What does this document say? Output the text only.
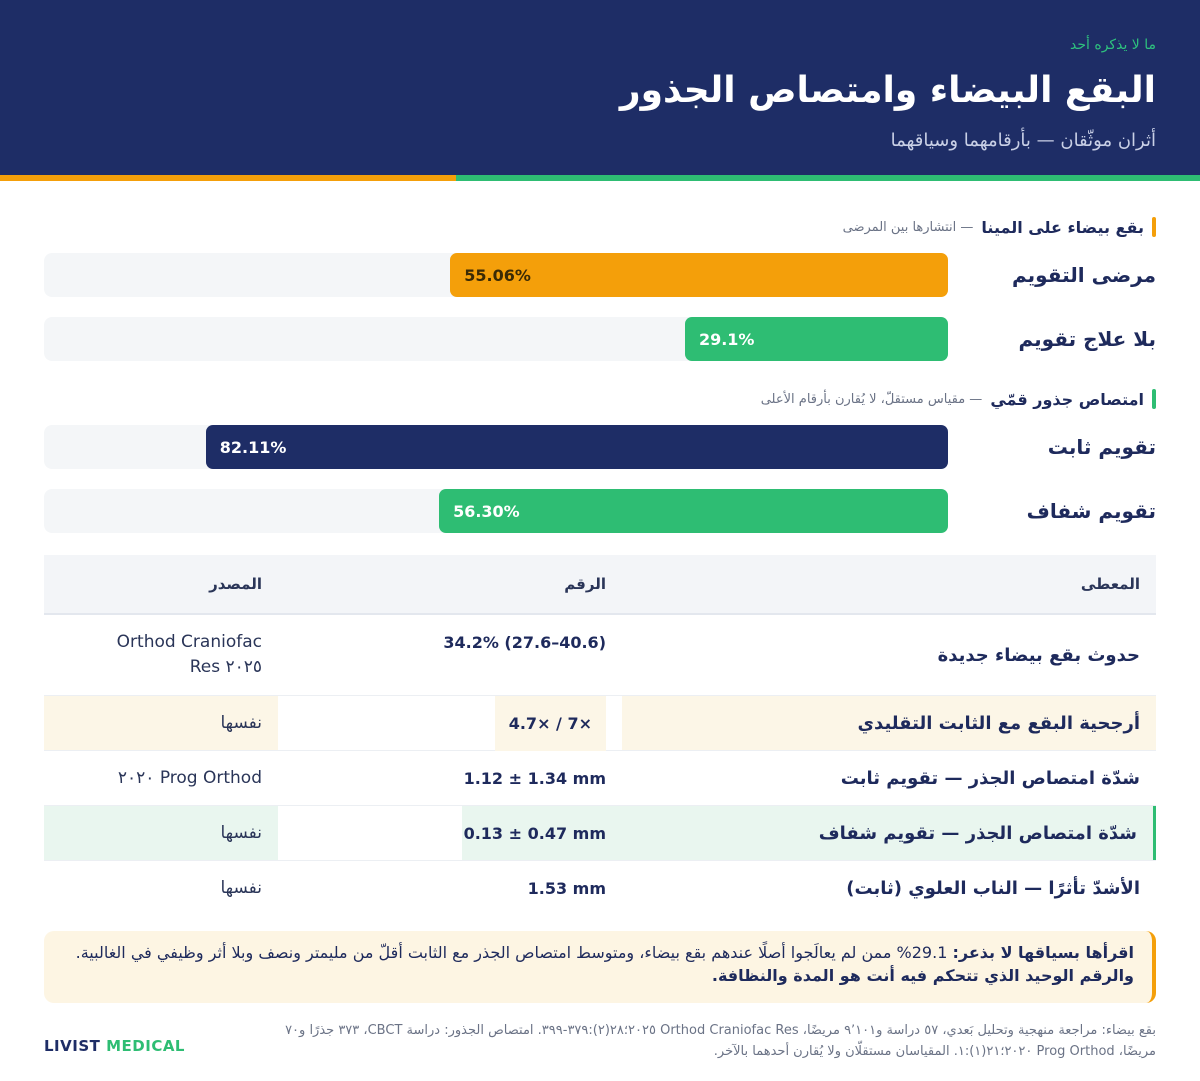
ما لا يذكره أحد
البقع البيضاء وامتصاص الجذور
أثران موثّقان — بأرقامهما وسياقهما
بقع بيضاء على المينا
— انتشارها بين المرضى
مرضى التقويم
55.06%
بلا علاج تقويم
29.1%
امتصاص جذور قمّي
— مقياس مستقلّ، لا يُقارن بأرقام الأعلى
تقويم ثابت
82.11%
تقويم شفاف
56.30%
المعطى
الرقم
المصدر
حدوث بقع بيضاء جديدة
34.2% (27.6–40.6)
Orthod Craniofac Res ٢٠٢٥
أرجحية البقع مع الثابت التقليدي
4.7× / 7×
نفسها
شدّة امتصاص الجذر — تقويم ثابت
1.12 ± 1.34 mm
Prog Orthod ٢٠٢٠
شدّة امتصاص الجذر — تقويم شفاف
0.13 ± 0.47 mm
نفسها
الأشدّ تأثرًا — الناب العلوي (ثابت)
1.53 mm
نفسها
اقرأها بسياقها لا بذعر: 29.1% ممن لم يعالَجوا أصلًا عندهم بقع بيضاء، ومتوسط امتصاص الجذر مع الثابت أقلّ من مليمتر ونصف وبلا أثر وظيفي في الغالبية.
والرقم الوحيد الذي تتحكم فيه أنت هو المدة والنظافة.
LIVIST MEDICAL
بقع بيضاء: مراجعة منهجية وتحليل بَعدي، ٥٧ دراسة و٩٬١٠١ مريضًا، Orthod Craniofac Res ٢٠٢٥؛٢٨(٢):٣٧٩-٣٩٩. امتصاص الجذور: دراسة CBCT، ٣٧٣ جذرًا و٧٠
مريضًا، Prog Orthod ٢٠٢٠؛٢١(١):١. المقياسان مستقلّان ولا يُقارن أحدهما بالآخر.
